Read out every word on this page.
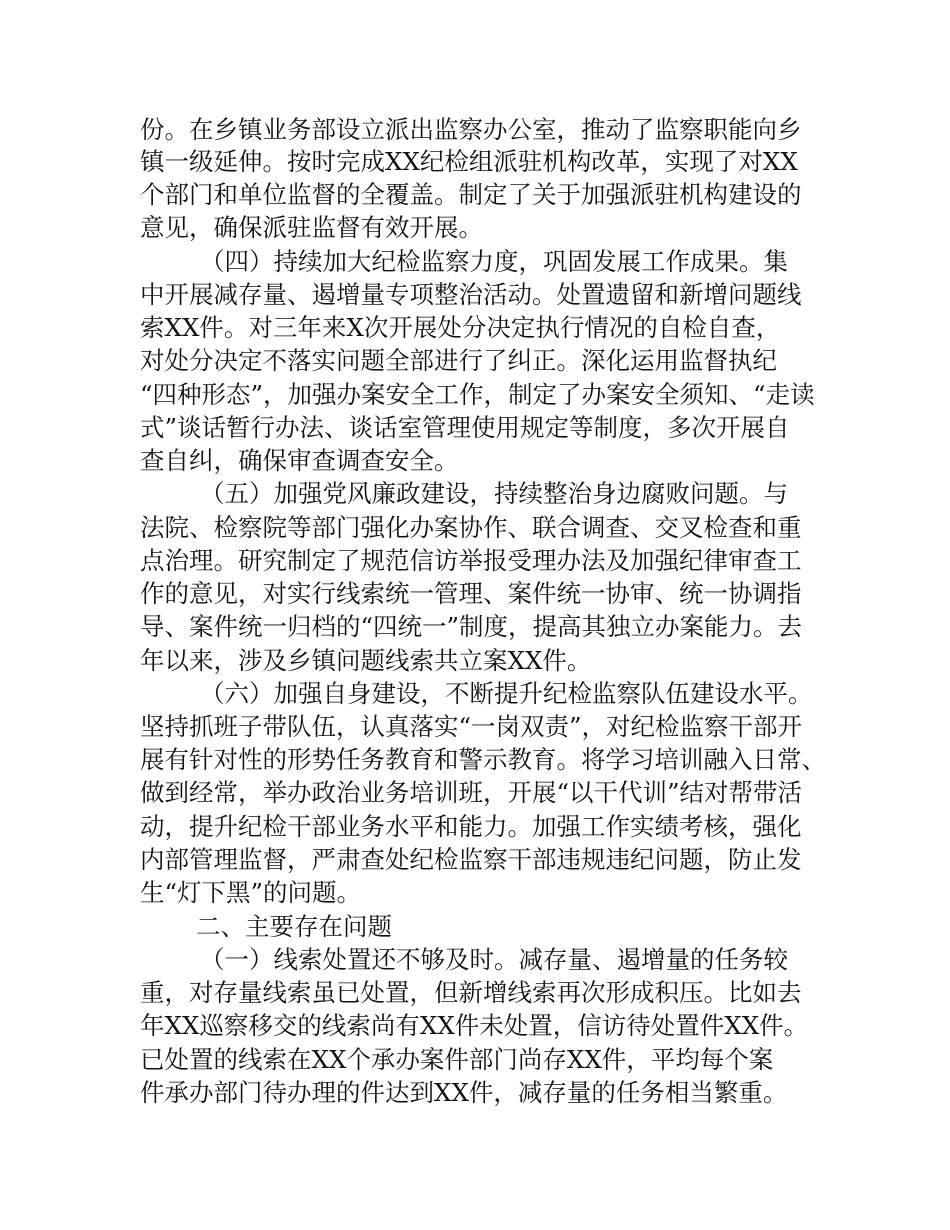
份。在乡镇业务部设立派出监察办公室，推动了监察职能向乡
镇一级延伸。按时完成XX纪检组派驻机构改革，实现了对XX
个部门和单位监督的全覆盖。制定了关于加强派驻机构建设的
意见，确保派驻监督有效开展。
（四）持续加大纪检监察力度，巩固发展工作成果。集
中开展减存量、遏增量专项整治活动。处置遗留和新增问题线
索XX件。对三年来X次开展处分决定执行情况的自检自查，
对处分决定不落实问题全部进行了纠正。深化运用监督执纪
“四种形态”，加强办案安全工作，制定了办案安全须知、“走读
式”谈话暂行办法、谈话室管理使用规定等制度，多次开展自
查自纠，确保审查调查安全。
（五）加强党风廉政建设，持续整治身边腐败问题。与
法院、检察院等部门强化办案协作、联合调查、交叉检查和重
点治理。研究制定了规范信访举报受理办法及加强纪律审查工
作的意见，对实行线索统一管理、案件统一协审、统一协调指
导、案件统一归档的“四统一”制度，提高其独立办案能力。去
年以来，涉及乡镇问题线索共立案XX件。
（六）加强自身建设，不断提升纪检监察队伍建设水平。
坚持抓班子带队伍，认真落实“一岗双责”，对纪检监察干部开
展有针对性的形势任务教育和警示教育。将学习培训融入日常、
做到经常，举办政治业务培训班，开展“以干代训”结对帮带活
动，提升纪检干部业务水平和能力。加强工作实绩考核，强化
内部管理监督，严肃查处纪检监察干部违规违纪问题，防止发
生“灯下黑”的问题。
二、主要存在问题
（一）线索处置还不够及时。减存量、遏增量的任务较
重，对存量线索虽已处置，但新增线索再次形成积压。比如去
年XX巡察移交的线索尚有XX件未处置，信访待处置件XX件。
已处置的线索在XX个承办案件部门尚存XX件，平均每个案
件承办部门待办理的件达到XX件，减存量的任务相当繁重。
